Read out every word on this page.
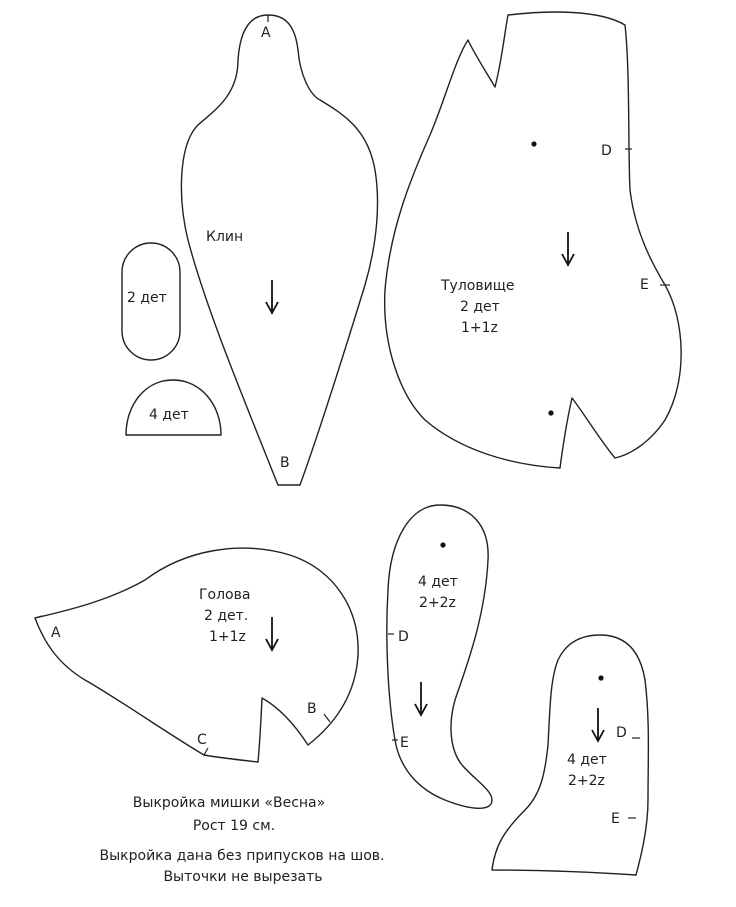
A
B
Клин
2 дет
4 дет
D
E
Туловище
2 дет
1+1z
A
B
C
Голова
2 дет.
1+1z	D
E
4 дет
2+2z
D
E
4 дет
2+2z
Выкройка мишки «Весна»
Рост 19 см.
Выкройка дана без припусков на шов.
Выточки не вырезать
